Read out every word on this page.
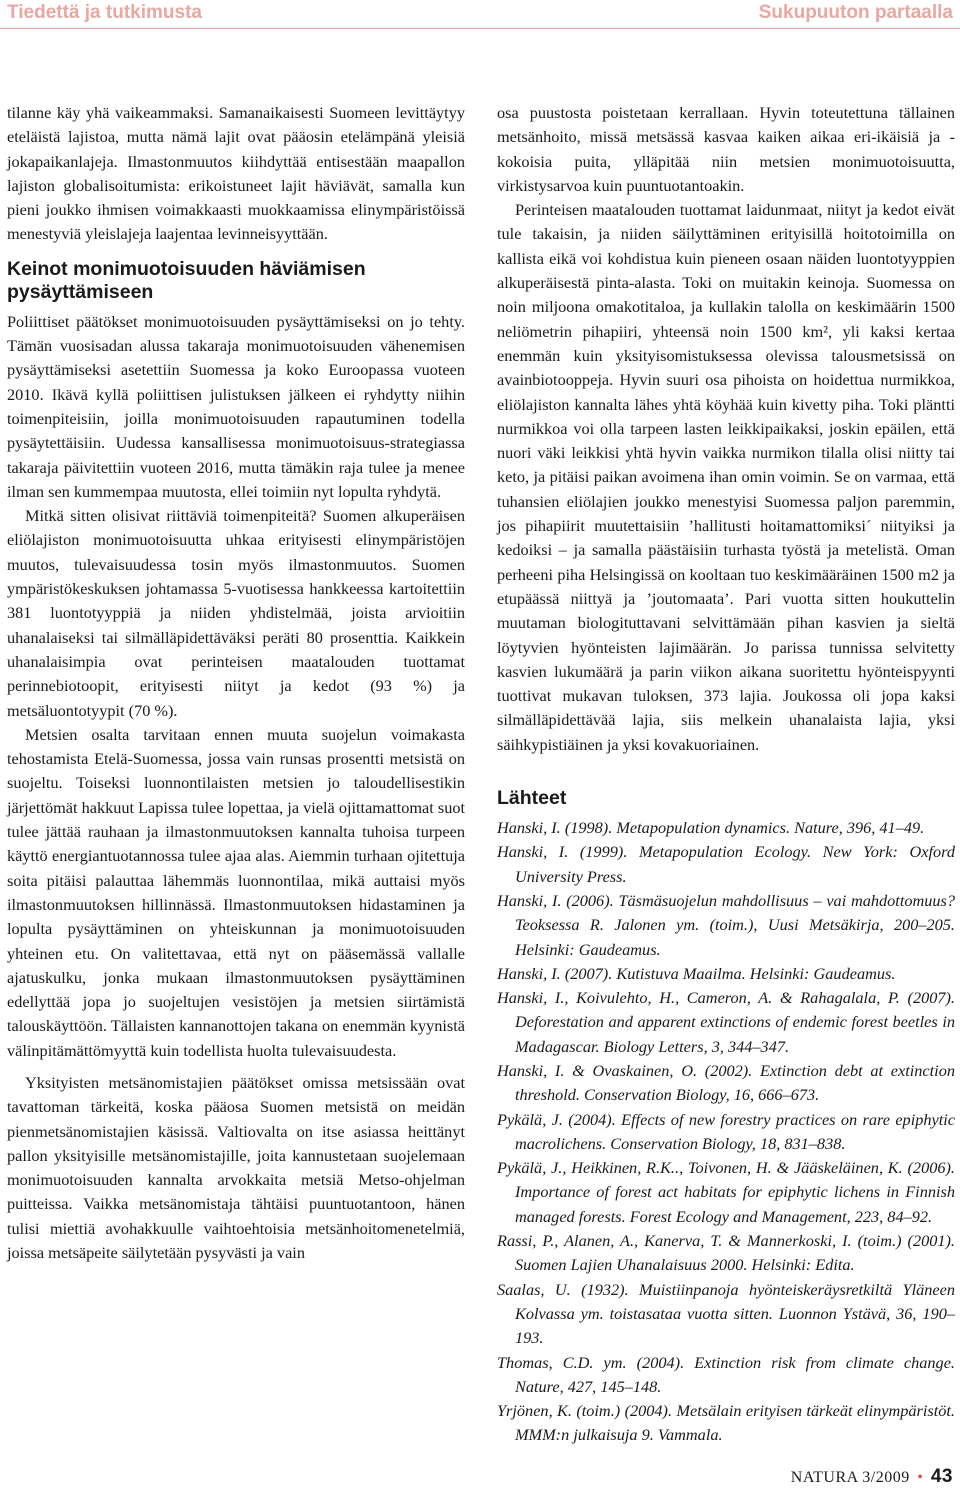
Tiedettä ja tutkimusta	Sukupuuton partaalla

tilanne käy yhä vaikeammaksi. Samanaikaisesti Suomeen levittäytyy eteläistä lajistoa, mutta nämä lajit ovat pääosin etelämpänä yleisiä jokapaikanlajeja. Ilmastonmuutos kiihdyttää entisestään maapallon lajiston globalisoitumista: erikoistuneet lajit häviävät, samalla kun pieni joukko ihmisen voimakkaasti muokkaamissa elinympäristöissä menestyviä yleislajeja laajentaa levinneisyyttään.

Keinot monimuotoisuuden häviämisen pysäyttämiseen

Poliittiset päätökset monimuotoisuuden pysäyttämiseksi on jo tehty. Tämän vuosisadan alussa takaraja monimuotoisuuden vähenemisen pysäyttämiseksi asetettiin Suomessa ja koko Euroopassa vuoteen 2010. Ikävä kyllä poliittisen julistuksen jälkeen ei ryhdytty niihin toimenpiteisiin, joilla monimuotoisuuden rapautuminen todella pysäytettäisiin. Uudessa kansallisessa monimuotoisuus-strategiassa takaraja päivitettiin vuoteen 2016, mutta tämäkin raja tulee ja menee ilman sen kummempaa muutosta, ellei toimiin nyt lopulta ryhdytä.

Mitkä sitten olisivat riittäviä toimenpiteitä? Suomen alkuperäisen eliölajiston monimuotoisuutta uhkaa erityisesti elinympäristöjen muutos, tulevaisuudessa tosin myös ilmastonmuutos. Suomen ympäristökeskuksen johtamassa 5-vuotisessa hankkeessa kartoitettiin 381 luontotyyppiä ja niiden yhdistelmää, joista arvioitiin uhanalaiseksi tai silmälläpidettäväksi peräti 80 prosenttia. Kaikkein uhanalaisimpia ovat perinteisen maatalouden tuottamat perinnebiotoopit, erityisesti niityt ja kedot (93 %) ja metsäluontotyypit (70 %).

Metsien osalta tarvitaan ennen muuta suojelun voimakasta tehostamista Etelä-Suomessa, jossa vain runsas prosentti metsistä on suojeltu. Toiseksi luonnontilaisten metsien jo taloudellisestikin järjettömät hakkuut Lapissa tulee lopettaa, ja vielä ojittamattomat suot tulee jättää rauhaan ja ilmastonmuutoksen kannalta tuhoisa turpeen käyttö energiantuotannossa tulee ajaa alas. Aiemmin turhaan ojitettuja soita pitäisi palauttaa lähemmäs luonnontilaa, mikä auttaisi myös ilmastonmuutoksen hillinnässä. Ilmastonmuutoksen hidastaminen ja lopulta pysäyttäminen on yhteiskunnan ja monimuotoisuuden yhteinen etu. On valitettavaa, että nyt on pääsemässä vallalle ajatuskulku, jonka mukaan ilmastonmuutoksen pysäyttäminen edellyttää jopa jo suojeltujen vesistöjen ja metsien siirtämistä talouskäyttöön. Tällaisten kannanottojen takana on enemmän kyynistä välinpitämättömyyttä kuin todellista huolta tulevaisuudesta.

Yksityisten metsänomistajien päätökset omissa metsissään ovat tavattoman tärkeitä, koska pääosa Suomen metsistä on meidän pienmetsänomistajien käsissä. Valtiovalta on itse asiassa heittänyt pallon yksityisille metsänomistajille, joita kannustetaan suojelemaan monimuotoisuuden kannalta arvokkaita metsiä Metso-ohjelman puitteissa. Vaikka metsänomistaja tähtäisi puuntuotantoon, hänen tulisi miettiä avohakkuulle vaihtoehtoisia metsänhoitomenetelmiä, joissa metsäpeite säilytetään pysyvästi ja vain

osa puustosta poistetaan kerrallaan. Hyvin toteutettuna tällainen metsänhoito, missä metsässä kasvaa kaiken aikaa eri-ikäisiä ja -kokoisia puita, ylläpitää niin metsien monimuotoisuutta, virkistysarvoa kuin puuntuotantoakin.

Perinteisen maatalouden tuottamat laidunmaat, niityt ja kedot eivät tule takaisin, ja niiden säilyttäminen erityisillä hoitotoimilla on kallista eikä voi kohdistua kuin pieneen osaan näiden luontotyyppien alkuperäisestä pinta-alasta. Toki on muitakin keinoja. Suomessa on noin miljoona omakotitaloa, ja kullakin talolla on keskimäärin 1500 neliömetrin pihapiiri, yhteensä noin 1500 km², yli kaksi kertaa enemmän kuin yksityisomistuksessa olevissa talousmetsissä on avainbiotooppeja. Hyvin suuri osa pihoista on hoidettua nurmikkoa, eliölajiston kannalta lähes yhtä köyhää kuin kivetty piha. Toki pläntti nurmikkoa voi olla tarpeen lasten leikkipaikaksi, joskin epäilen, että nuori väki leikkisi yhtä hyvin vaikka nurmikon tilalla olisi niitty tai keto, ja pitäisi paikan avoimena ihan omin voimin. Se on varmaa, että tuhansien eliölajien joukko menestyisi Suomessa paljon paremmin, jos pihapiirit muutettaisiin ’hallitusti hoitamattomiksi´ niityiksi ja kedoiksi – ja samalla päästäisiin turhasta työstä ja metelistä. Oman perheeni piha Helsingissä on kooltaan tuo keskimääräinen 1500 m2 ja etupäässä niittyä ja ’joutomaata’. Pari vuotta sitten houkuttelin muutaman biologituttavani selvittämään pihan kasvien ja sieltä löytyvien hyönteisten lajimäärän. Jo parissa tunnissa selvitetty kasvien lukumäärä ja parin viikon aikana suoritettu hyönteispyynti tuottivat mukavan tuloksen, 373 lajia. Joukossa oli jopa kaksi silmälläpidettävää lajia, siis melkein uhanalaista lajia, yksi säihkypistiäinen ja yksi kovakuoriainen.

Lähteet

Hanski, I. (1998). Metapopulation dynamics. Nature, 396, 41–49.

Hanski, I. (1999). Metapopulation Ecology. New York: Oxford University Press.

Hanski, I. (2006). Täsmäsuojelun mahdollisuus – vai mahdottomuus? Teoksessa R. Jalonen ym. (toim.), Uusi Metsäkirja, 200–205. Helsinki: Gaudeamus.

Hanski, I. (2007). Kutistuva Maailma. Helsinki: Gaudeamus.

Hanski, I., Koivulehto, H., Cameron, A. & Rahagalala, P. (2007). Deforestation and apparent extinctions of endemic forest beetles in Madagascar. Biology Letters, 3, 344–347.

Hanski, I. & Ovaskainen, O. (2002). Extinction debt at extinction threshold. Conservation Biology, 16, 666–673.

Pykälä, J. (2004). Effects of new forestry practices on rare epiphytic macrolichens. Conservation Biology, 18, 831–838.

Pykälä, J., Heikkinen, R.K.., Toivonen, H. & Jääskeläinen, K. (2006). Importance of forest act habitats for epiphytic lichens in Finnish managed forests. Forest Ecology and Management, 223, 84–92.

Rassi, P., Alanen, A., Kanerva, T. & Mannerkoski, I. (toim.) (2001). Suomen Lajien Uhanalaisuus 2000. Helsinki: Edita.

Saalas, U. (1932). Muistiinpanoja hyönteiskeräysretkiltä Yläneen Kolvassa ym. toistasataa vuotta sitten. Luonnon Ystävä, 36, 190–193.

Thomas, C.D. ym. (2004). Extinction risk from climate change. Nature, 427, 145–148.

Yrjönen, K. (toim.) (2004). Metsälain erityisen tärkeät elinympäristöt. MMM:n julkaisuja 9. Vammala.

NATURA 3/2009 • 43
